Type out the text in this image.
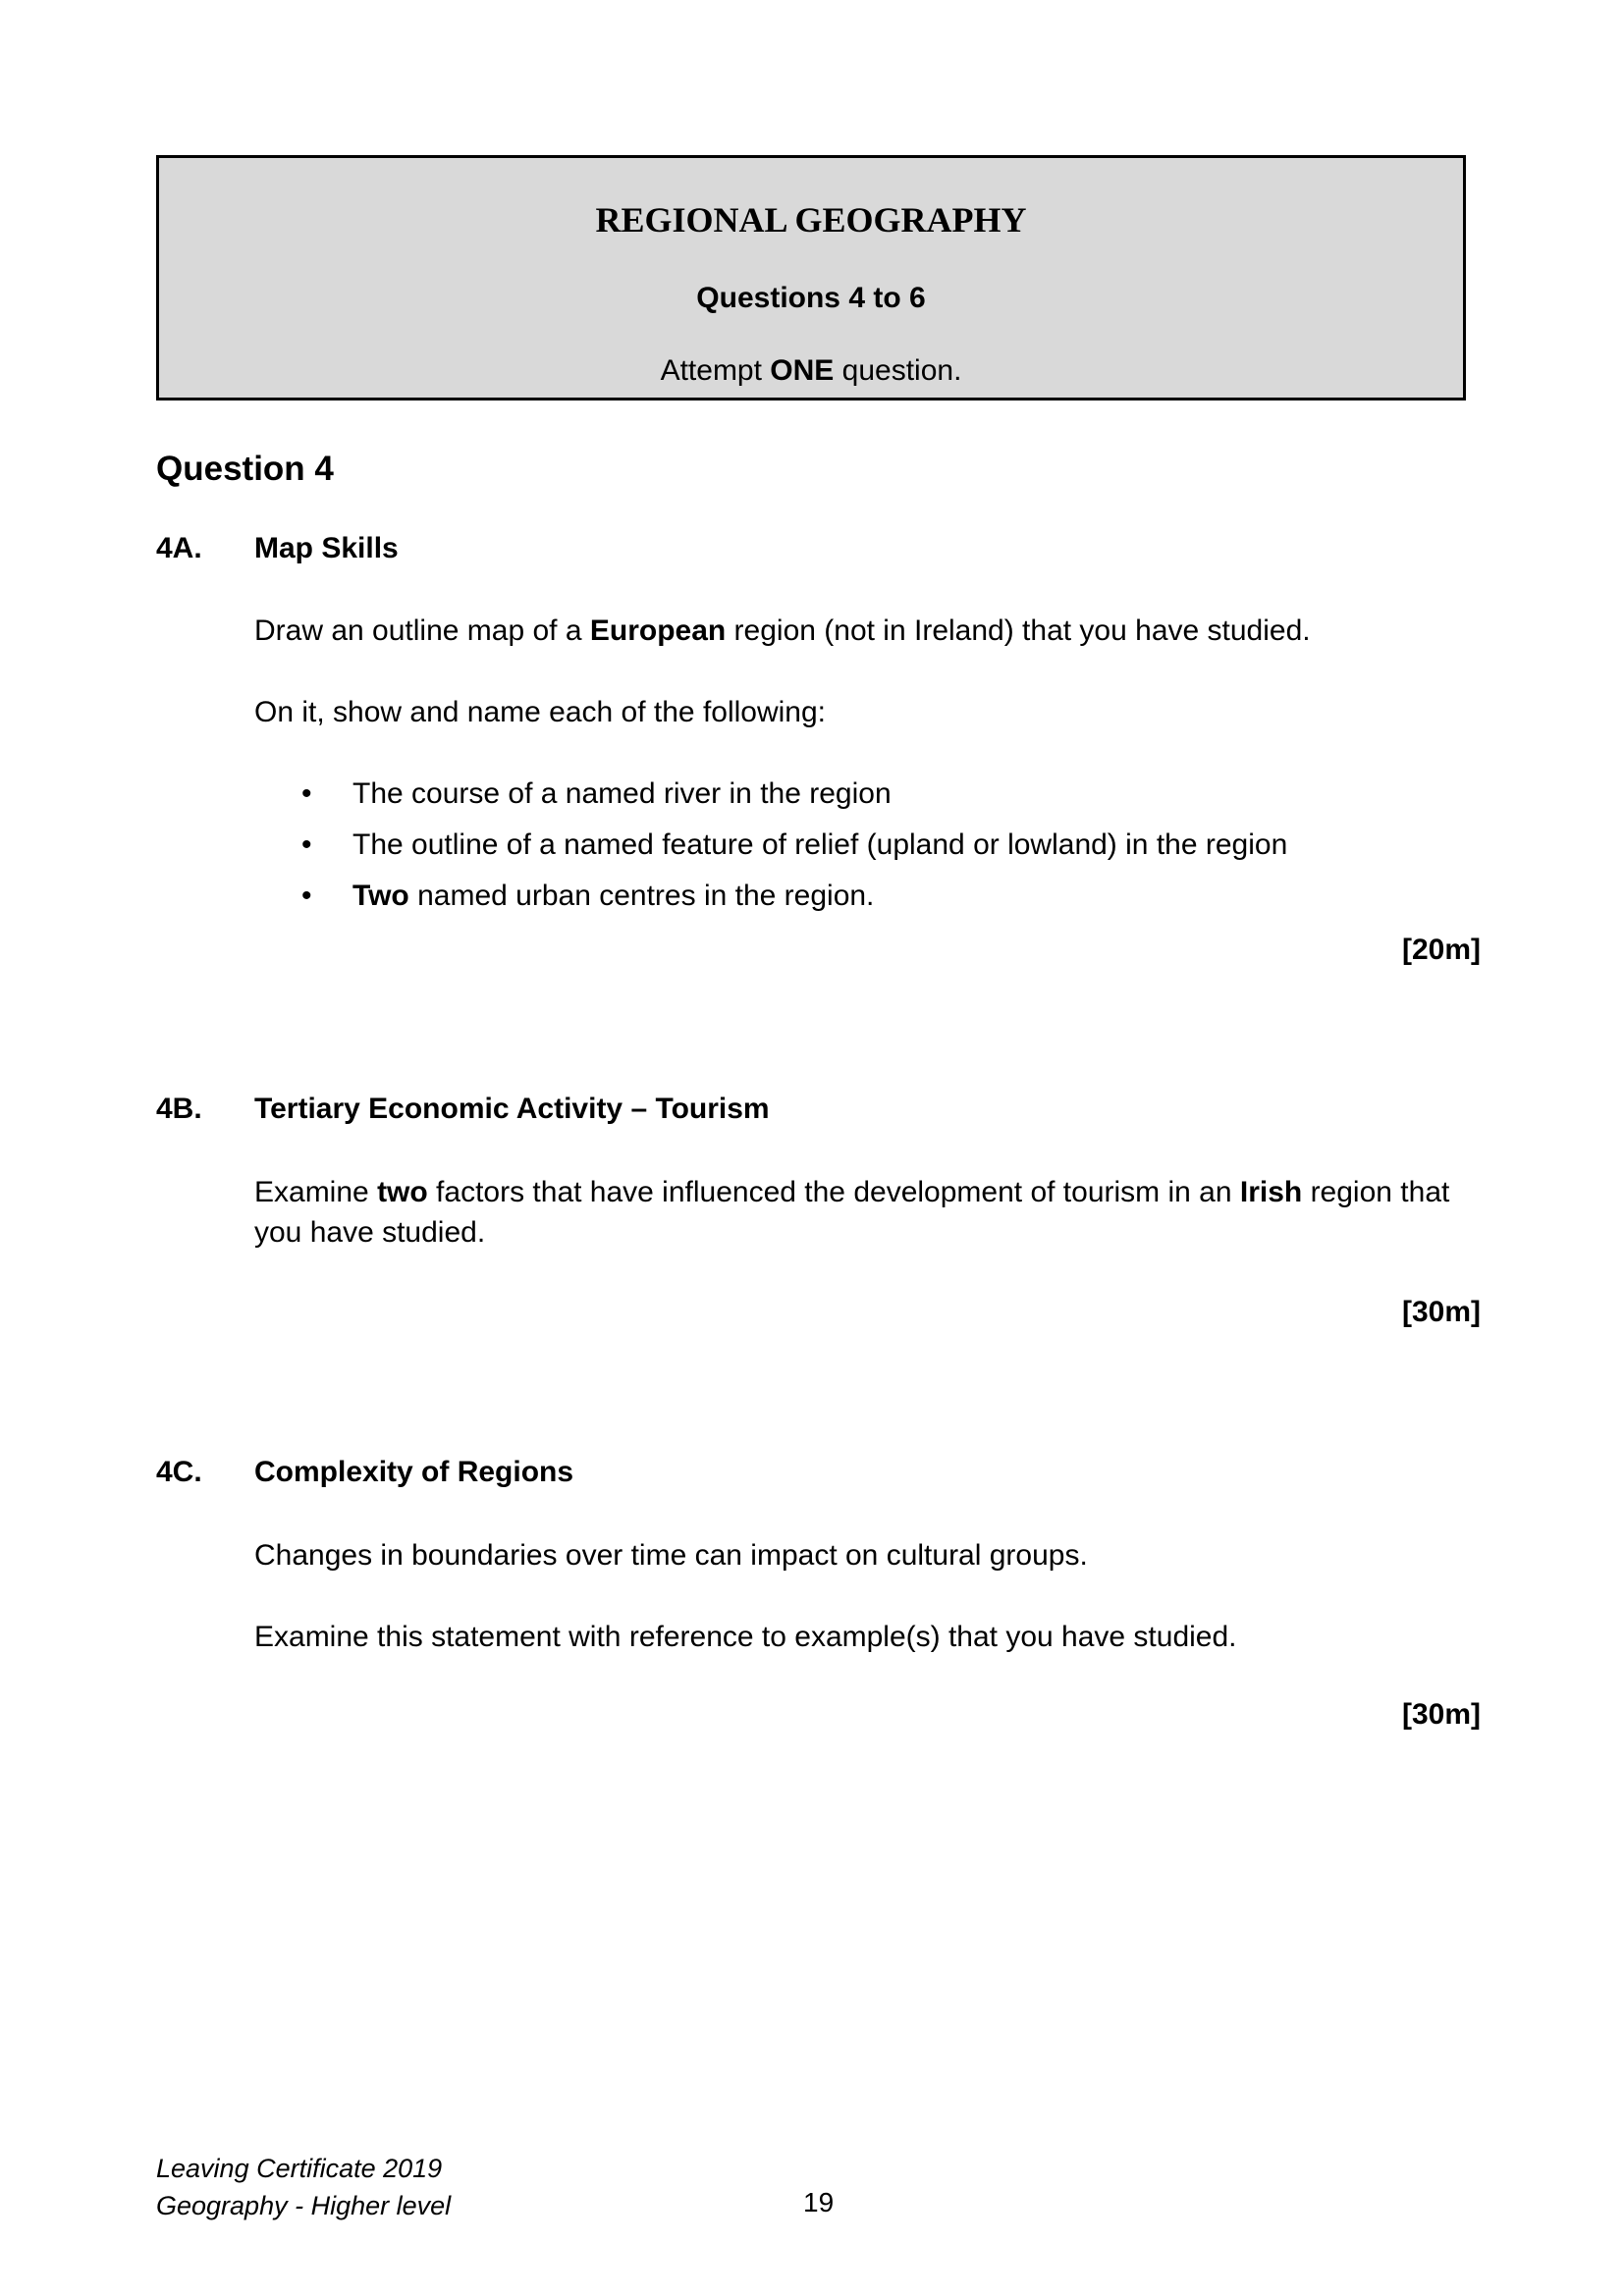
REGIONAL GEOGRAPHY
Questions 4 to 6
Attempt ONE question.
Question 4
4A. Map Skills
Draw an outline map of a European region (not in Ireland) that you have studied.
On it, show and name each of the following:
• The course of a named river in the region
• The outline of a named feature of relief (upland or lowland) in the region
• Two named urban centres in the region.
[20m]
4B. Tertiary Economic Activity – Tourism
Examine two factors that have influenced the development of tourism in an Irish region that you have studied.
[30m]
4C. Complexity of Regions
Changes in boundaries over time can impact on cultural groups.
Examine this statement with reference to example(s) that you have studied.
[30m]
Leaving Certificate 2019
Geography - Higher level	19
